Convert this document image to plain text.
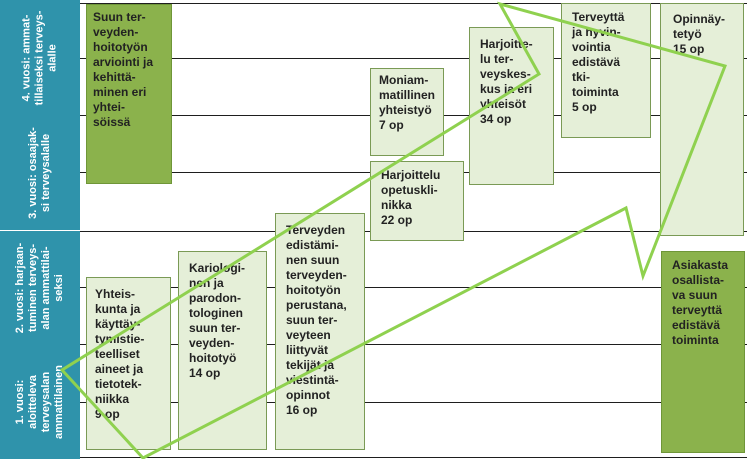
4. vuosi: ammat-
tillaiseksi terveys-
alalle
3. vuosi: osaajak-
si terveysalalle
2. vuosi: harjaan-
tuminen terveys-
alan ammattilai-
seksi
1. vuosi:
aloitteleva
terveysalan
ammattilainen
Suun ter-
veyden-
hoitotyön
arviointi ja
kehittä-
minen eri
yhtei-
söissä
Moniam-
matillinen
yhteistyö
7 op
Harjoitte-
lu ter-
veyskes-
kus ja eri
yhteisöt
34 op
Terveyttä
ja hyvin-
vointia
edistävä
tki-
toiminta
5 op
Opinnäy-
tetyö
15 op
Harjoittelu
opetuskli-
nikka
22 op
Terveyden
edistämi-
nen suun
terveyden-
hoitotyön
perustana,
suun ter-
veyteen
liittyvät
tekijät ja
viestintä-
opinnot
16 op
Kariologi-
nen ja
parodon-
tologinen
suun ter-
veyden-
hoitotyö
14 op
Yhteis-
kunta ja
käyttäy-
tymistie-
teelliset
aineet ja
tietotek-
niikka
9 op
Asiakasta
osallista-
va suun
terveyttä
edistävä
toiminta
